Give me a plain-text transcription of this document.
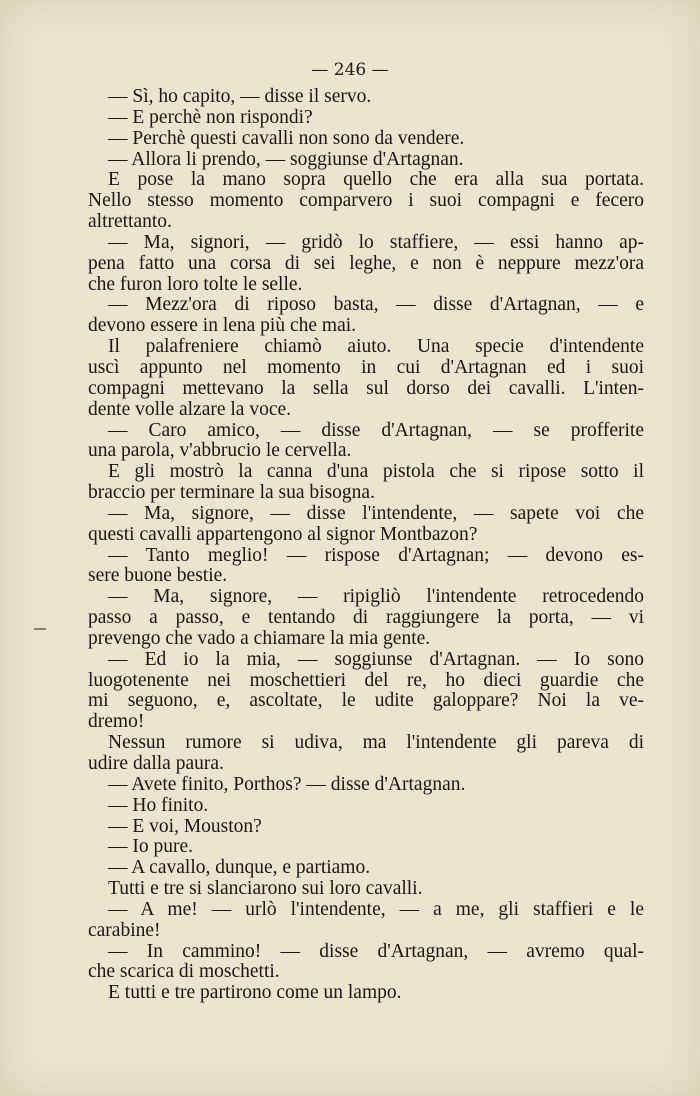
— 246 —
— Sì, ho capito, — disse il servo.
— E perchè non rispondi?
— Perchè questi cavalli non sono da vendere.
— Allora li prendo, — soggiunse d'Artagnan.
E pose la mano sopra quello che era alla sua portata.
Nello stesso momento comparvero i suoi compagni e fecero
altrettanto.
— Ma, signori, — gridò lo staffiere, — essi hanno ap-
pena fatto una corsa di sei leghe, e non è neppure mezz'ora
che furon loro tolte le selle.
— Mezz'ora di riposo basta, — disse d'Artagnan, — e
devono essere in lena più che mai.
Il palafreniere chiamò aiuto. Una specie d'intendente
uscì appunto nel momento in cui d'Artagnan ed i suoi
compagni mettevano la sella sul dorso dei cavalli. L'inten-
dente volle alzare la voce.
— Caro amico, — disse d'Artagnan, — se profferite
una parola, v'abbrucio le cervella.
E gli mostrò la canna d'una pistola che si ripose sotto il
braccio per terminare la sua bisogna.
— Ma, signore, — disse l'intendente, — sapete voi che
questi cavalli appartengono al signor Montbazon?
— Tanto meglio! — rispose d'Artagnan; — devono es-
sere buone bestie.
— Ma, signore, — ripigliò l'intendente retrocedendo
passo a passo, e tentando di raggiungere la porta, — vi
prevengo che vado a chiamare la mia gente.
— Ed io la mia, — soggiunse d'Artagnan. — Io sono
luogotenente nei moschettieri del re, ho dieci guardie che
mi seguono, e, ascoltate, le udite galoppare? Noi la ve-
dremo!
Nessun rumore si udiva, ma l'intendente gli pareva di
udire dalla paura.
— Avete finito, Porthos? — disse d'Artagnan.
— Ho finito.
— E voi, Mouston?
— Io pure.
— A cavallo, dunque, e partiamo.
Tutti e tre si slanciarono sui loro cavalli.
— A me! — urlò l'intendente, — a me, gli staffieri e le
carabine!
— In cammino! — disse d'Artagnan, — avremo qual-
che scarica di moschetti.
E tutti e tre partirono come un lampo.
